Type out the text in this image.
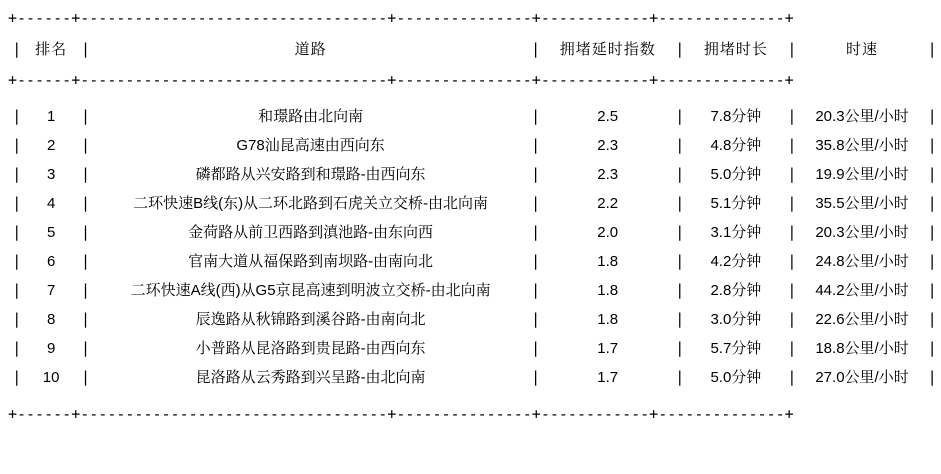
+------+----------------------------------+---------------+------------+--------------+										
|	排名	|	道路	|	拥堵延时指数	|	拥堵时长	|	时速	|
+------+----------------------------------+---------------+------------+--------------+										

|	1	|	和璟路由北向南	|	2.5	|	7.8分钟	|	20.3公里/小时	|
|	2	|	G78汕昆高速由西向东	|	2.3	|	4.8分钟	|	35.8公里/小时	|
|	3	|	磷都路从兴安路到和璟路-由西向东	|	2.3	|	5.0分钟	|	19.9公里/小时	|
|	4	|	二环快速B线(东)从二环北路到石虎关立交桥-由北向南	|	2.2	|	5.1分钟	|	35.5公里/小时	|
|	5	|	金荷路从前卫西路到滇池路-由东向西	|	2.0	|	3.1分钟	|	20.3公里/小时	|
|	6	|	官南大道从福保路到南坝路-由南向北	|	1.8	|	4.2分钟	|	24.8公里/小时	|
|	7	|	二环快速A线(西)从G5京昆高速到明波立交桥-由北向南	|	1.8	|	2.8分钟	|	44.2公里/小时	|
|	8	|	辰逸路从秋锦路到溪谷路-由南向北	|	1.8	|	3.0分钟	|	22.6公里/小时	|
|	9	|	小普路从昆洛路到贵昆路-由西向东	|	1.7	|	5.7分钟	|	18.8公里/小时	|
|	10	|	昆洛路从云秀路到兴呈路-由北向南	|	1.7	|	5.0分钟	|	27.0公里/小时	|

+------+----------------------------------+---------------+------------+--------------+										
